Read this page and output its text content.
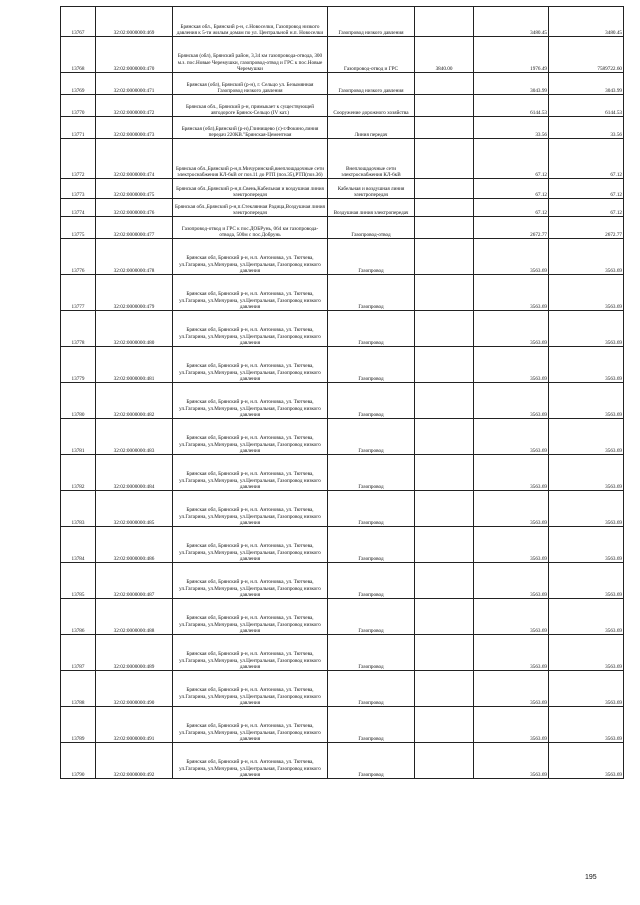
13767	32:02:0000000:469	Брянская обл., Брянский р-н, с.Новоселки, Газопровод низкого давления к 5-ти жилым домам по ул. Центральной н.п. Новоселки	Газопровод низкого давления		3480.45	3480.45
13768	32:02:0000000:470	Брянская (обл), Брянский район, 3,34 км газопровода-отвода, 300 м.з. пос.Новые Черемушки, газопровод-отвод и ГРС к пос.Новые Черемушки	Газопровод-отвод и ГРС	3840.00	1976.49	7589722.60
13769	32:02:0000000:471	Брянская (обл), Брянский (р-н), г. Сельцо ул. Безымянная Газопровод низкого давления	Газопровод низкого давления		3043.99	3043.99
13770	32:02:0000000:472	Брянская обл., Брянский р-н, примыкает к существующей автодороге Брянск-Сельцо (IV кат.)	Сооружение дорожного хозяйства		6144.53	6144.53
13771	32:02:0000000:473	Брянская (обл),Брянский (р-н),Глинищево (с)-г.Фокино,линия передач 220КВ."Брянская-Цементная	Линия передач		33.56	33.56
13772	32:02:0000000:474	Брянская обл.,Брянский р-н,п.Мичуринский,внеплощадочные сети электроснабжения КЛ-6кВ от поз.11 до РТП (поз.35),РТП(поз.36)	Внеплощадочные сети электроснабжения КЛ-6кВ		67.12	67.12
13773	32:02:0000000:475	Брянская обл.,Брянский р-н,п.Свень,Кабельная и воздушная линия электропередач	Кабельная и воздушная линия электропередач		67.12	67.12
13774	32:02:0000000:476	Брянская обл.,Брянский р-н,п.Стеклянная Радица,Воздушная линия электропередач	Воздушная линия электропередач		67.12	67.12
13775	32:02:0000000:477	Газопровод-отвод и ГРС к пос.ДОБРунь, 064 км газопровода-отвода, 500м с пос.Добрунь	Газопровод-отвод		2672.77	2672.77
13776	32:02:0000000:478	Брянская обл, Брянский р-н, н.п. Антоновка, ул. Тютчева, ул.Гагарина, ул.Мичурина, ул.Центральная, Газопровод низкого давления	Газопровод		3563.69	3563.69
13777	32:02:0000000:479	Брянская обл, Брянский р-н, н.п. Антоновка, ул. Тютчева, ул.Гагарина, ул.Мичурина, ул.Центральная, Газопровод низкого давления	Газопровод		3563.69	3563.69
13778	32:02:0000000:480	Брянская обл, Брянский р-н, н.п. Антоновка, ул. Тютчева, ул.Гагарина, ул.Мичурина, ул.Центральная, Газопровод низкого давления	Газопровод		3563.69	3563.69
13779	32:02:0000000:481	Брянская обл, Брянский р-н, н.п. Антоновка, ул. Тютчева, ул.Гагарина, ул.Мичурина, ул.Центральная, Газопровод низкого давления	Газопровод		3563.69	3563.69
13780	32:02:0000000:482	Брянская обл, Брянский р-н, н.п. Антоновка, ул. Тютчева, ул.Гагарина, ул.Мичурина, ул.Центральная, Газопровод низкого давления	Газопровод		3563.69	3563.69
13781	32:02:0000000:483	Брянская обл, Брянский р-н, н.п. Антоновка, ул. Тютчева, ул.Гагарина, ул.Мичурина, ул.Центральная, Газопровод низкого давления	Газопровод		3563.69	3563.69
13782	32:02:0000000:484	Брянская обл, Брянский р-н, н.п. Антоновка, ул. Тютчева, ул.Гагарина, ул.Мичурина, ул.Центральная, Газопровод низкого давления	Газопровод		3563.69	3563.69
13783	32:02:0000000:485	Брянская обл, Брянский р-н, н.п. Антоновка, ул. Тютчева, ул.Гагарина, ул.Мичурина, ул.Центральная, Газопровод низкого давления	Газопровод		3563.69	3563.69
13784	32:02:0000000:486	Брянская обл, Брянский р-н, н.п. Антоновка, ул. Тютчева, ул.Гагарина, ул.Мичурина, ул.Центральная, Газопровод низкого давления	Газопровод		3563.69	3563.69
13785	32:02:0000000:487	Брянская обл, Брянский р-н, н.п. Антоновка, ул. Тютчева, ул.Гагарина, ул.Мичурина, ул.Центральная, Газопровод низкого давления	Газопровод		3563.69	3563.69
13786	32:02:0000000:488	Брянская обл, Брянский р-н, н.п. Антоновка, ул. Тютчева, ул.Гагарина, ул.Мичурина, ул.Центральная, Газопровод низкого давления	Газопровод		3563.69	3563.69
13787	32:02:0000000:489	Брянская обл, Брянский р-н, н.п. Антоновка, ул. Тютчева, ул.Гагарина, ул.Мичурина, ул.Центральная, Газопровод низкого давления	Газопровод		3563.69	3563.69
13788	32:02:0000000:490	Брянская обл, Брянский р-н, н.п. Антоновка, ул. Тютчева, ул.Гагарина, ул.Мичурина, ул.Центральная, Газопровод низкого давления	Газопровод		3563.69	3563.69
13789	32:02:0000000:491	Брянская обл, Брянский р-н, н.п. Антоновка, ул. Тютчева, ул.Гагарина, ул.Мичурина, ул.Центральная, Газопровод низкого давления	Газопровод		3563.69	3563.69
13790	32:02:0000000:492	Брянская обл, Брянский р-н, н.п. Антоновка, ул. Тютчева, ул.Гагарина, ул.Мичурина, ул.Центральная, Газопровод низкого давления	Газопровод		3563.69	3563.69
195
